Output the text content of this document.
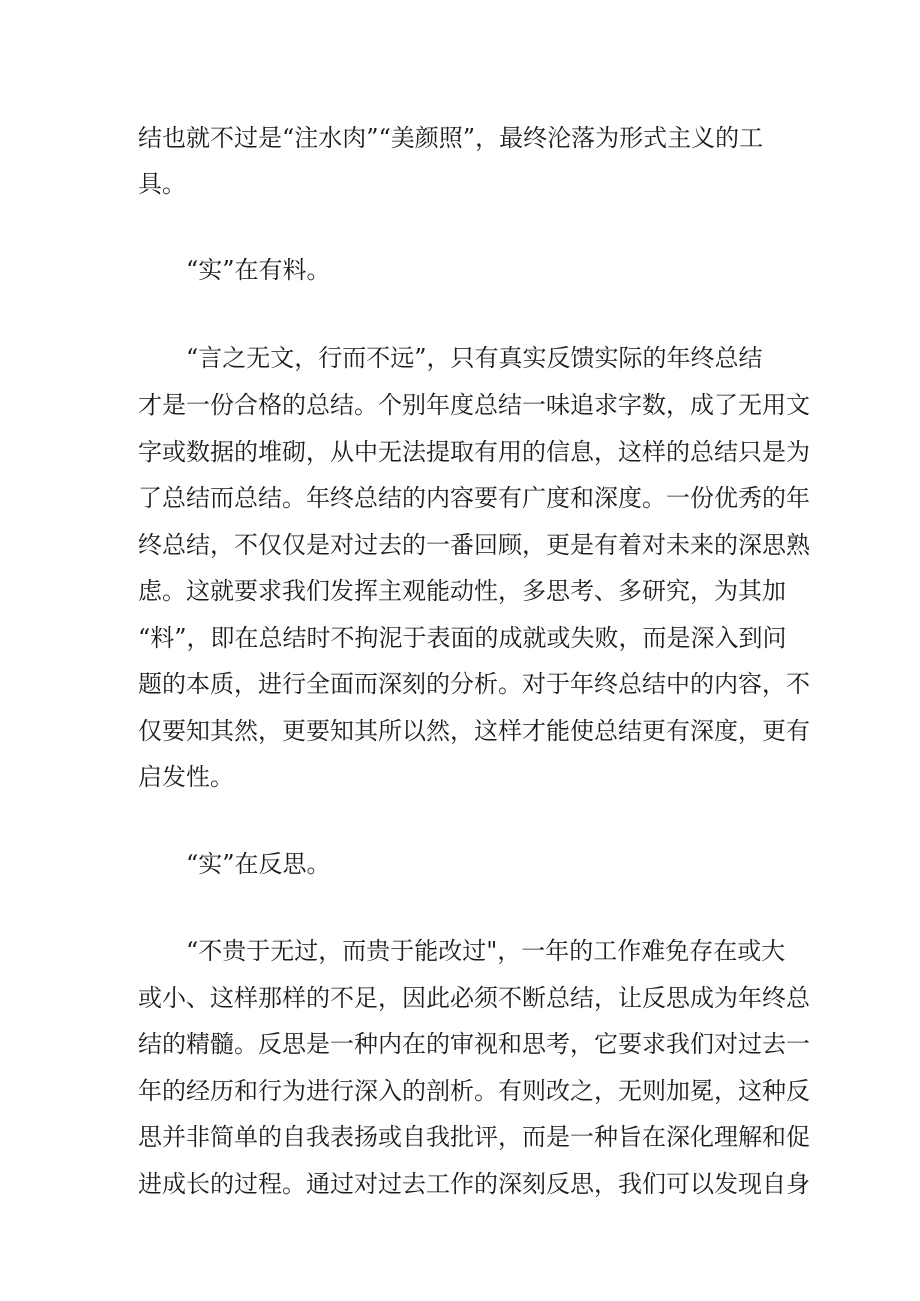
结也就不过是“注水肉”“美颜照”，最终沦落为形式主义的工
具。
“实”在有料。
“言之无文，行而不远”，只有真实反馈实际的年终总结
才是一份合格的总结。个别年度总结一味追求字数，成了无用文
字或数据的堆砌，从中无法提取有用的信息，这样的总结只是为
了总结而总结。年终总结的内容要有广度和深度。一份优秀的年
终总结，不仅仅是对过去的一番回顾，更是有着对未来的深思熟
虑。这就要求我们发挥主观能动性，多思考、多研究，为其加
“料”，即在总结时不拘泥于表面的成就或失败，而是深入到问
题的本质，进行全面而深刻的分析。对于年终总结中的内容，不
仅要知其然，更要知其所以然，这样才能使总结更有深度，更有
启发性。
“实”在反思。
“不贵于无过，而贵于能改过"，一年的工作难免存在或大
或小、这样那样的不足，因此必须不断总结，让反思成为年终总
结的精髓。反思是一种内在的审视和思考，它要求我们对过去一
年的经历和行为进行深入的剖析。有则改之，无则加冕，这种反
思并非简单的自我表扬或自我批评，而是一种旨在深化理解和促
进成长的过程。通过对过去工作的深刻反思，我们可以发现自身
